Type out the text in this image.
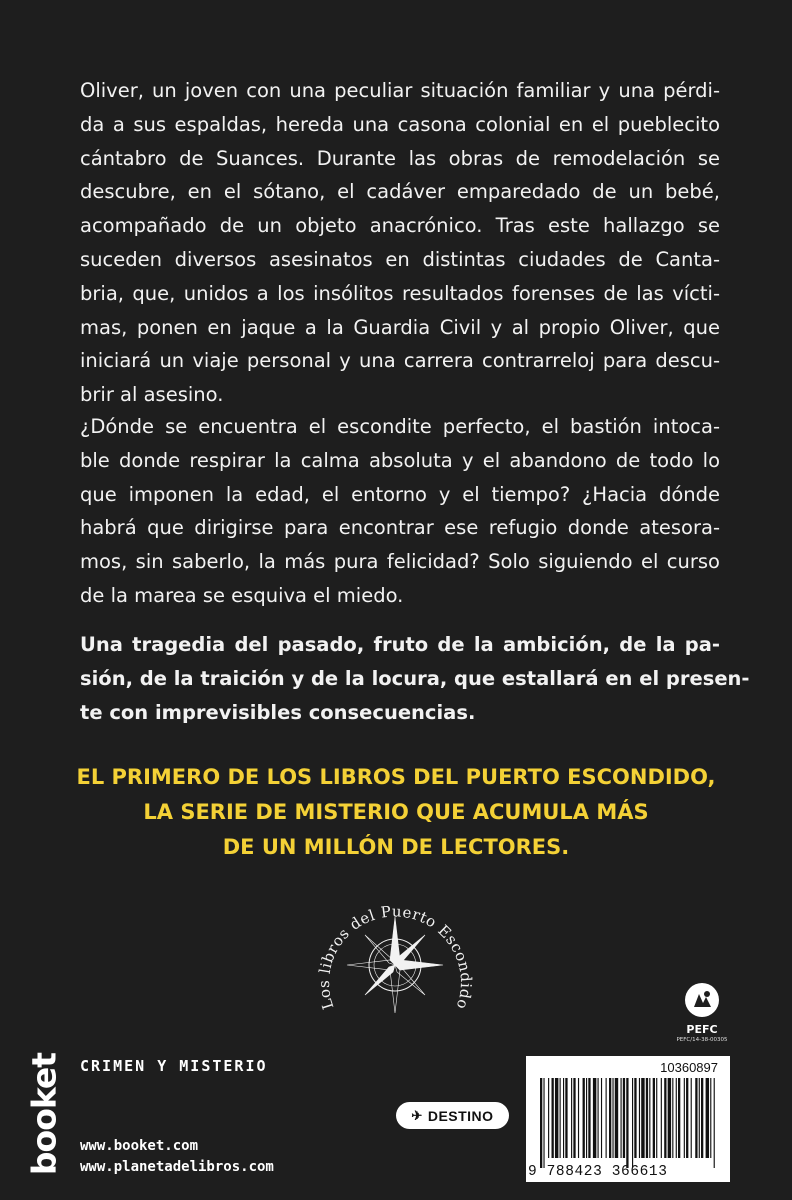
Oliver, un joven con una peculiar situación familiar y una pérdi-
da a sus espaldas, hereda una casona colonial en el pueblecito
cántabro de Suances. Durante las obras de remodelación se
descubre, en el sótano, el cadáver emparedado de un bebé,
acompañado de un objeto anacrónico. Tras este hallazgo se
suceden diversos asesinatos en distintas ciudades de Canta-
bria, que, unidos a los insólitos resultados forenses de las vícti-
mas, ponen en jaque a la Guardia Civil y al propio Oliver, que
iniciará un viaje personal y una carrera contrarreloj para descu-
brir al asesino.

¿Dónde se encuentra el escondite perfecto, el bastión intoca-
ble donde respirar la calma absoluta y el abandono de todo lo
que imponen la edad, el entorno y el tiempo? ¿Hacia dónde
habrá que dirigirse para encontrar ese refugio donde atesora-
mos, sin saberlo, la más pura felicidad? Solo siguiendo el curso
de la marea se esquiva el miedo.

Una tragedia del pasado, fruto de la ambición, de la pa-
sión, de la traición y de la locura, que estallará en el presen-
te con imprevisibles consecuencias.

EL PRIMERO DE LOS LIBROS DEL PUERTO ESCONDIDO,
LA SERIE DE MISTERIO QUE ACUMULA MÁS
DE UN MILLÓN DE LECTORES.
Los libros del Puerto Escondido
PEFC
PEFC/14-38-00305
booket CRIMEN Y MISTERIO
www.booket.com
www.planetadelibros.com
✈ DESTINO
10360897
9 788423 366613
